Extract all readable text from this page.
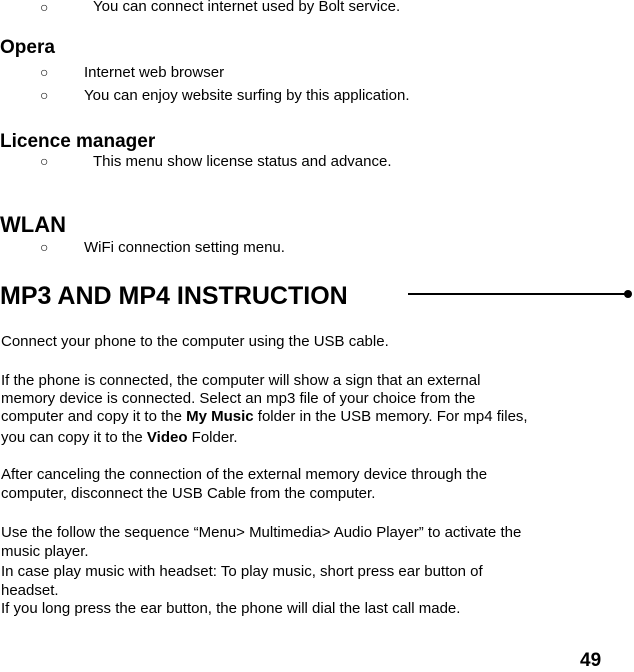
○	You can connect internet used by Bolt service.
Opera
○ Internet web browser
○ You can enjoy website surfing by this application.
Licence manager
○	This menu show license status and advance.
WLAN
○ WiFi connection setting menu.
MP3 AND MP4 INSTRUCTION
Connect your phone to the computer using the USB cable.
If the phone is connected, the computer will show a sign that an external
memory device is connected. Select an mp3 file of your choice from the
computer and copy it to the My Music folder in the USB memory. For mp4 files,
you can copy it to the Video Folder.
After canceling the connection of the external memory device through the
computer, disconnect the USB Cable from the computer.
Use the follow the sequence “Menu> Multimedia> Audio Player” to activate the
music player.
In case play music with headset: To play music, short press ear button of
headset.
If you long press the ear button, the phone will dial the last call made.
49
